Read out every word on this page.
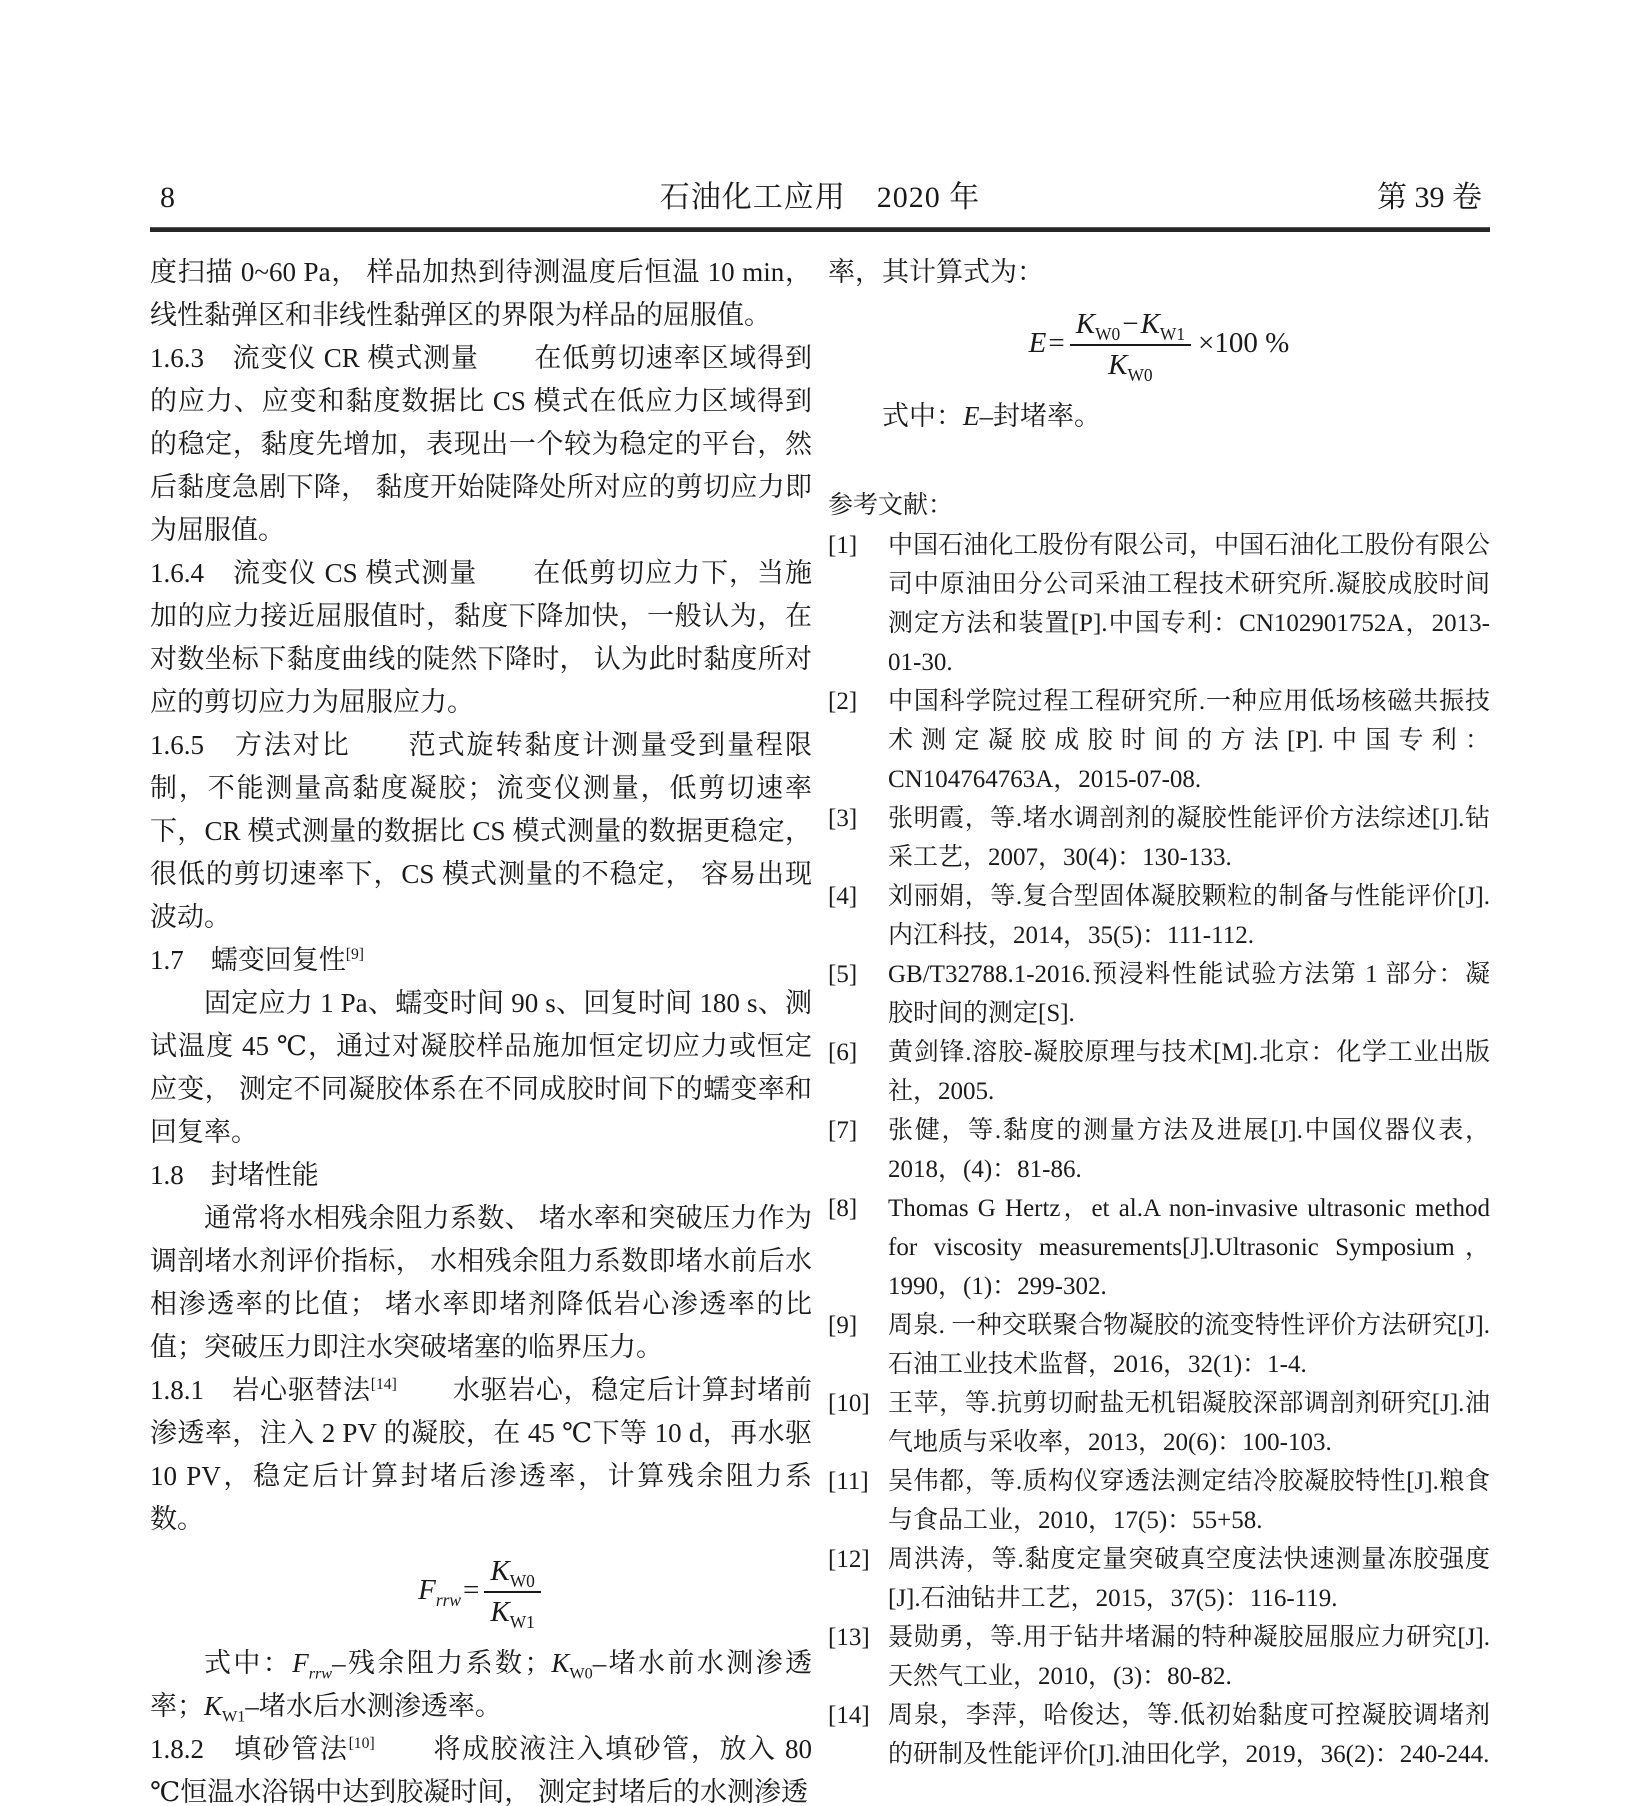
8	石油化工应用　2020 年	第 39 卷

度扫描 0~60 Pa， 样品加热到待测温度后恒温 10 min，线性黏弹区和非线性黏弹区的界限为样品的屈服值。

1.6.3　流变仪 CR 模式测量　　在低剪切速率区域得到的应力、应变和黏度数据比 CS 模式在低应力区域得到的稳定，黏度先增加，表现出一个较为稳定的平台，然后黏度急剧下降， 黏度开始陡降处所对应的剪切应力即为屈服值。

1.6.4　流变仪 CS 模式测量　　在低剪切应力下，当施加的应力接近屈服值时，黏度下降加快，一般认为，在对数坐标下黏度曲线的陡然下降时， 认为此时黏度所对应的剪切应力为屈服应力。

1.6.5　方法对比　　范式旋转黏度计测量受到量程限制，不能测量高黏度凝胶；流变仪测量，低剪切速率下，CR 模式测量的数据比 CS 模式测量的数据更稳定，很低的剪切速率下，CS 模式测量的不稳定， 容易出现波动。

1.7　蠕变回复性[9]

固定应力 1 Pa、蠕变时间 90 s、回复时间 180 s、测试温度 45 ℃，通过对凝胶样品施加恒定切应力或恒定应变， 测定不同凝胶体系在不同成胶时间下的蠕变率和回复率。

1.8　封堵性能

通常将水相残余阻力系数、 堵水率和突破压力作为调剖堵水剂评价指标， 水相残余阻力系数即堵水前后水相渗透率的比值； 堵水率即堵剂降低岩心渗透率的比值；突破压力即注水突破堵塞的临界压力。

1.8.1　岩心驱替法[14]　　水驱岩心，稳定后计算封堵前渗透率，注入 2 PV 的凝胶，在 45 ℃下等 10 d，再水驱 10 PV，稳定后计算封堵后渗透率，计算残余阻力系数。

$F_{rrw}= \frac{K_{W0}}{K_{W1}}$

式中：$F_{rrw}-$残余阻力系数；$K_{W0}-$堵水前水测渗透率；$K_{W1}-$堵水后水测渗透率。

1.8.2　填砂管法[10]　　将成胶液注入填砂管，放入 80 ℃恒温水浴锅中达到胶凝时间， 测定封堵后的水测渗透

率，其计算式为：

$E= \frac{K_{W0}-K_{W1}}{K_{W0}} \times 100$ %

式中：E–封堵率。

参考文献：

[1]	中国石油化工股份有限公司，中国石油化工股份有限公司中原油田分公司采油工程技术研究所.凝胶成胶时间测定方法和装置[P].中国专利：CN102901752A，2013-01-30.
[2]	中国科学院过程工程研究所.一种应用低场核磁共振技术测定凝胶成胶时间的方法[P].中国专利：CN104764763A，2015-07-08.
[3]	张明霞，等.堵水调剖剂的凝胶性能评价方法综述[J].钻采工艺，2007，30(4)：130-133.
[4]	刘丽娟，等.复合型固体凝胶颗粒的制备与性能评价[J].内江科技，2014，35(5)：111-112.
[5]	GB/T32788.1-2016.预浸料性能试验方法第 1 部分：凝胶时间的测定[S].
[6]	黄剑锋.溶胶-凝胶原理与技术[M].北京：化学工业出版社，2005.
[7]	张健，等.黏度的测量方法及进展[J].中国仪器仪表，2018，(4)：81-86.
[8]	Thomas G Hertz，et al.A non-invasive ultrasonic method for viscosity measurements[J].Ultrasonic Symposium，1990，(1)：299-302.
[9]	周泉. 一种交联聚合物凝胶的流变特性评价方法研究[J].石油工业技术监督，2016，32(1)：1-4.
[10] 王苹，等.抗剪切耐盐无机铝凝胶深部调剖剂研究[J].油气地质与采收率，2013，20(6)：100-103.
[11] 吴伟都，等.质构仪穿透法测定结冷胶凝胶特性[J].粮食与食品工业，2010，17(5)：55+58.
[12] 周洪涛，等.黏度定量突破真空度法快速测量冻胶强度[J].石油钻井工艺，2015，37(5)：116-119.
[13] 聂勋勇，等.用于钻井堵漏的特种凝胶屈服应力研究[J].天然气工业，2010，(3)：80-82.
[14] 周泉，李萍，哈俊达，等.低初始黏度可控凝胶调堵剂的研制及性能评价[J].油田化学，2019，36(2)：240-244.
